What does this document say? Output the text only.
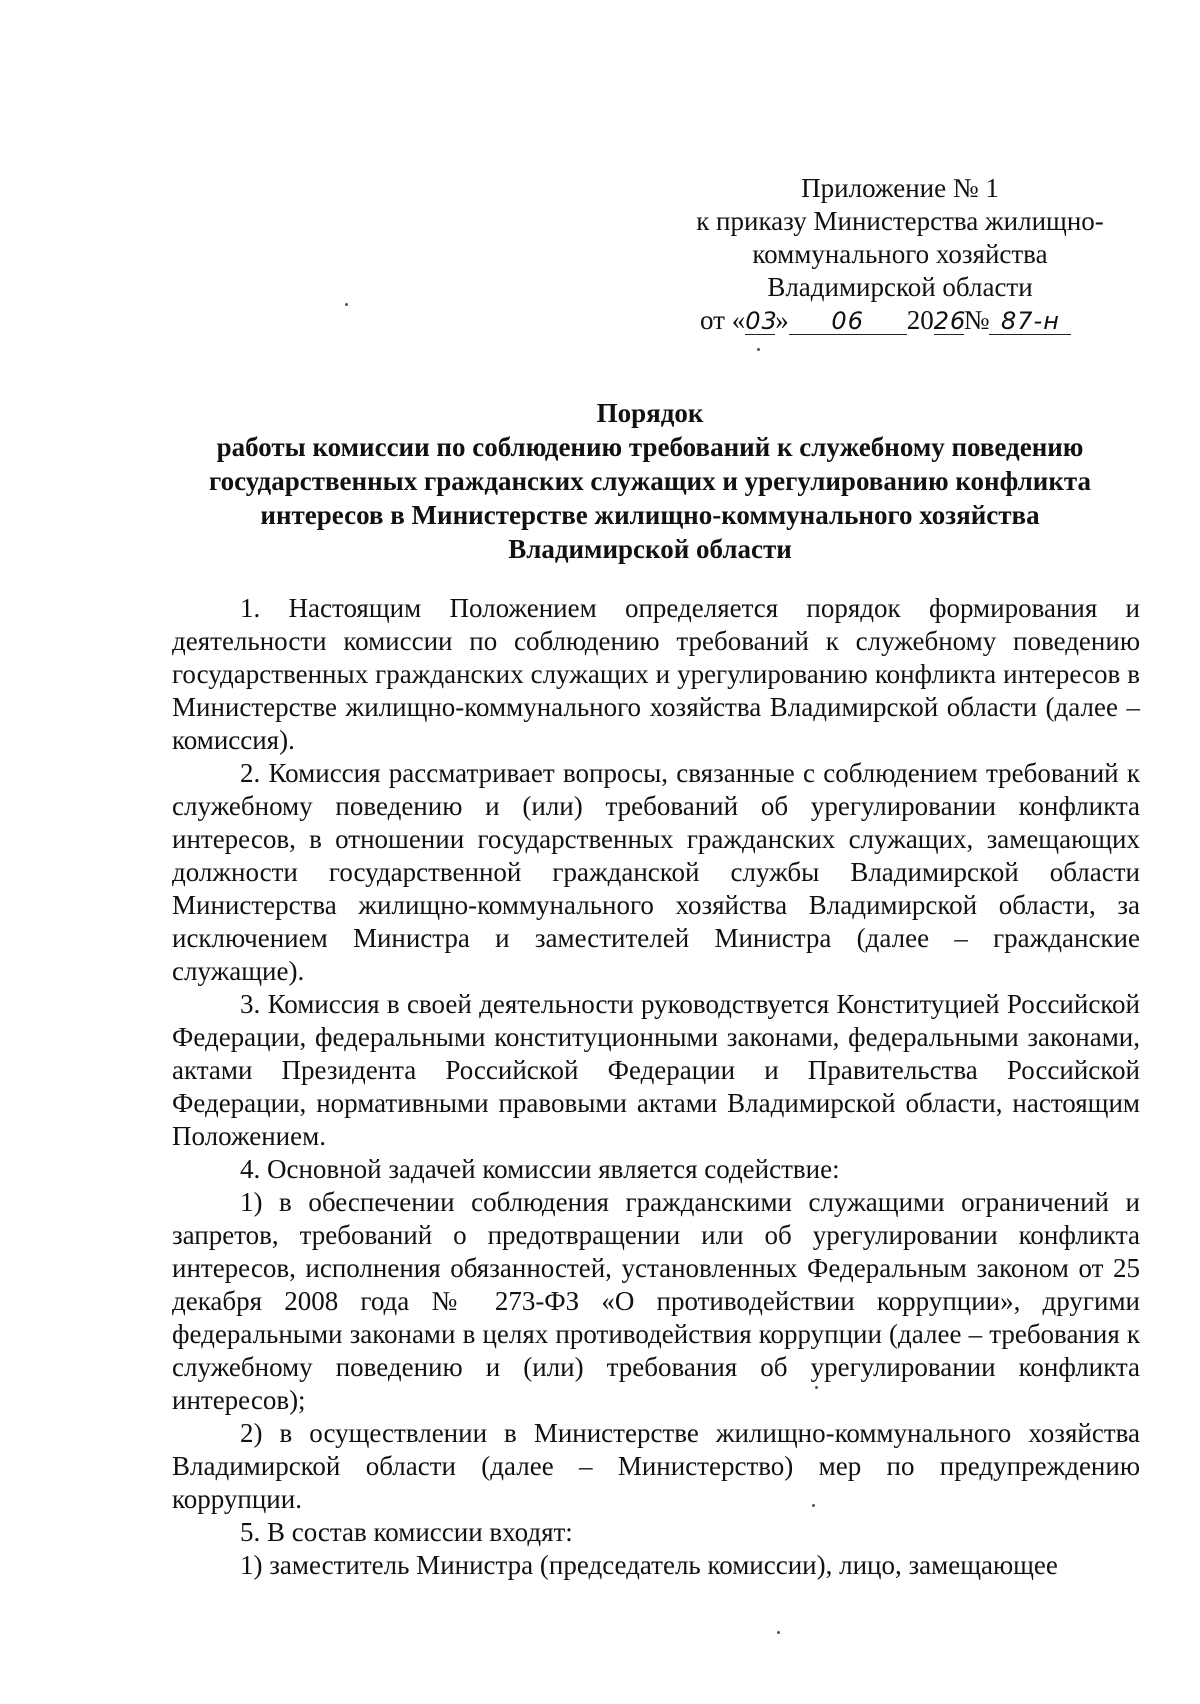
Приложение № 1
к приказу Министерства жилищно-
коммунального хозяйства
Владимирской области
от «03» 06 2026№ 87-н
Порядок
работы комиссии по соблюдению требований к служебному поведению
государственных гражданских служащих и урегулированию конфликта
интересов в Министерстве жилищно-коммунального хозяйства
Владимирской области

1. Настоящим Положением определяется порядок формирования и деятельности комиссии по соблюдению требований к служебному поведению государственных гражданских служащих и урегулированию конфликта интересов в Министерстве жилищно-коммунального хозяйства Владимирской области (далее – комиссия).

2. Комиссия рассматривает вопросы, связанные с соблюдением требований к служебному поведению и (или) требований об урегулировании конфликта интересов, в отношении государственных гражданских служащих, замещающих должности государственной гражданской службы Владимирской области Министерства жилищно-коммунального хозяйства Владимирской области, за исключением Министра и заместителей Министра (далее – гражданские служащие).

3. Комиссия в своей деятельности руководствуется Конституцией Российской Федерации, федеральными конституционными законами, федеральными законами, актами Президента Российской Федерации и Правительства Российской Федерации, нормативными правовыми актами Владимирской области, настоящим Положением.

4. Основной задачей комиссии является содействие:

1) в обеспечении соблюдения гражданскими служащими ограничений и запретов, требований о предотвращении или об урегулировании конфликта интересов, исполнения обязанностей, установленных Федеральным законом от 25 декабря 2008 года № 273-ФЗ «О противодействии коррупции», другими федеральными законами в целях противодействия коррупции (далее – требования к служебному поведению и (или) требования об урегулировании конфликта интересов);

2) в осуществлении в Министерстве жилищно-коммунального хозяйства Владимирской области (далее – Министерство) мер по предупреждению коррупции.

5. В состав комиссии входят:

1) заместитель Министра (председатель комиссии), лицо, замещающее
